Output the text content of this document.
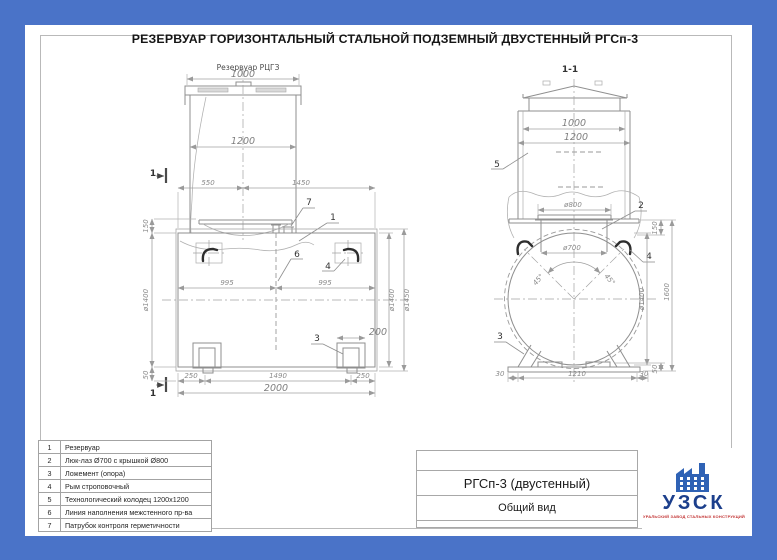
РЕЗЕРВУАР ГОРИЗОНТАЛЬНЫЙ СТАЛЬНОЙ ПОДЗЕМНЫЙ ДВУСТЕННЫЙ РГСп-3
Резервуар РЦГЗ
1
1
1000
1200
7
1
4
6
550	1450
150
995	995
ø1400	ø1400 ø1450
200
3
250	1490	250
2000
50
1-1
1000
1200
5
ø800
ø700
2
150
4
45°	45°
ø1400 1600
50
3
30	1210	30
1	Резервуар
2	Люк-лаз Ø700 с крышкой Ø800
3	Ложемент (опора)
4	Рым строповочный
5	Технологический колодец 1200х1200
6	Линия наполнения межстенного пр-ва
7	Патрубок контроля герметичности
РГСп-3 (двустенный)
Общий вид	УЗСК
УРАЛЬСКИЙ ЗАВОД СТАЛЬНЫХ КОНСТРУКЦИЙ
